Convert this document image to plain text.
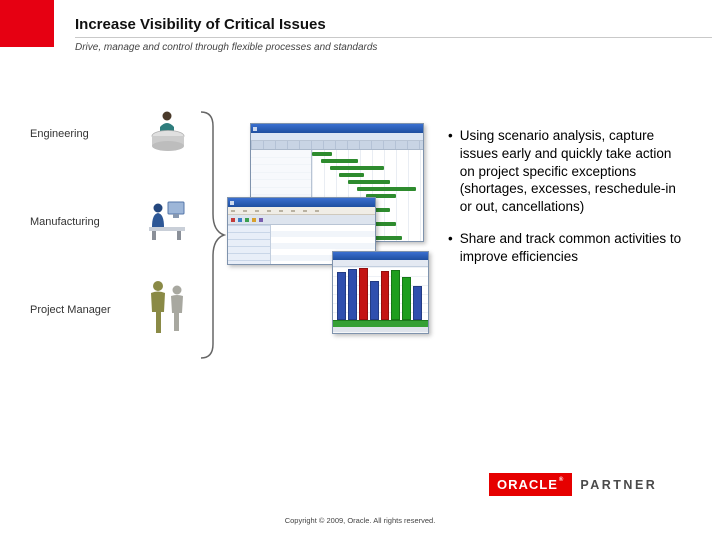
Increase Visibility of Critical Issues

Drive, manage and control through flexible processes and standards

Engineering
Manufacturing
Project Manager
• Using scenario analysis, capture issues early and quickly take action on project specific exceptions (shortages, excesses, reschedule-in or out, cancellations)
• Share and track common activities to improve efficiencies
ORACLE ® PARTNER
Copyright © 2009, Oracle. All rights reserved.
